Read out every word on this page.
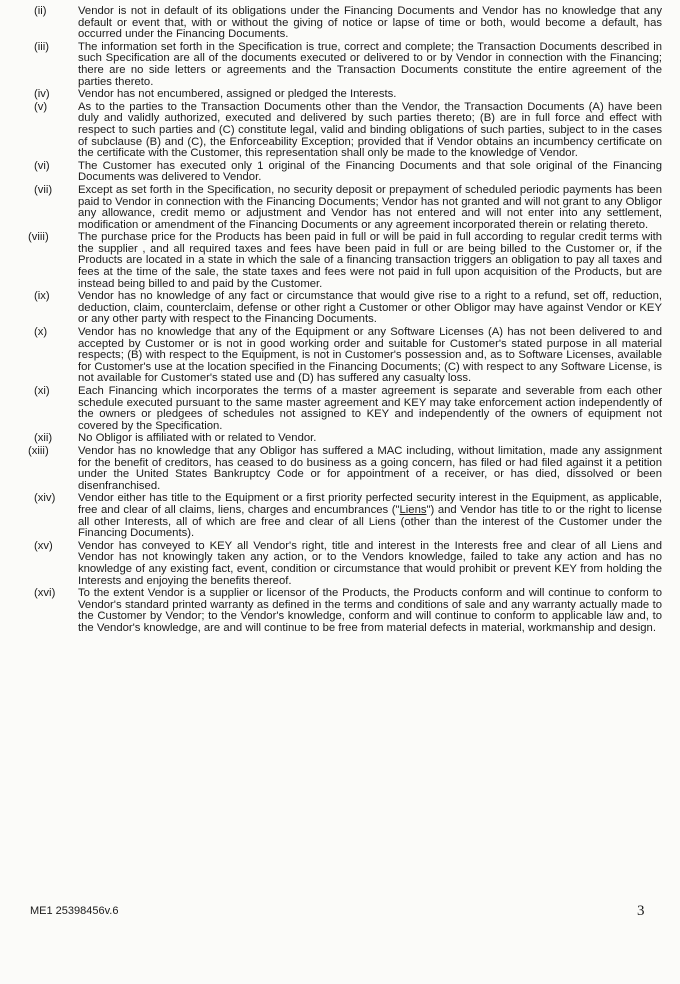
(ii)	Vendor is not in default of its obligations under the Financing Documents and Vendor has no knowledge that any default or event that, with or without the giving of notice or lapse of time or both, would become a default, has occurred under the Financing Documents.
(iii)	The information set forth in the Specification is true, correct and complete; the Transaction Documents described in such Specification are all of the documents executed or delivered to or by Vendor in connection with the Financing; there are no side letters or agreements and the Transaction Documents constitute the entire agreement of the parties thereto.
(iv)	Vendor has not encumbered, assigned or pledged the Interests.
(v)	As to the parties to the Transaction Documents other than the Vendor, the Transaction Documents (A) have been duly and validly authorized, executed and delivered by such parties thereto; (B) are in full force and effect with respect to such parties and (C) constitute legal, valid and binding obligations of such parties, subject to in the cases of subclause (B) and (C), the Enforceability Exception; provided that if Vendor obtains an incumbency certificate on the certificate with the Customer, this representation shall only be made to the knowledge of Vendor.
(vi)	The Customer has executed only 1 original of the Financing Documents and that sole original of the Financing Documents was delivered to Vendor.
(vii) Except as set forth in the Specification, no security deposit or prepayment of scheduled periodic payments has been paid to Vendor in connection with the Financing Documents; Vendor has not granted and will not grant to any Obligor any allowance, credit memo or adjustment and Vendor has not entered and will not enter into any settlement, modification or amendment of the Financing Documents or any agreement incorporated therein or relating thereto.
(viii)	The purchase price for the Products has been paid in full or will be paid in full according to regular credit terms with the supplier , and all required taxes and fees have been paid in full or are being billed to the Customer or, if the Products are located in a state in which the sale of a financing transaction triggers an obligation to pay all taxes and fees at the time of the sale, the state taxes and fees were not paid in full upon acquisition of the Products, but are instead being billed to and paid by the Customer.
(ix)	Vendor has no knowledge of any fact or circumstance that would give rise to a right to a refund, set off, reduction, deduction, claim, counterclaim, defense or other right a Customer or other Obligor may have against Vendor or KEY or any other party with respect to the Financing Documents.
(x)	Vendor has no knowledge that any of the Equipment or any Software Licenses (A) has not been delivered to and accepted by Customer or is not in good working order and suitable for Customer's stated purpose in all material respects; (B) with respect to the Equipment, is not in Customer's possession and, as to Software Licenses, available for Customer's use at the location specified in the Financing Documents; (C) with respect to any Software License, is not available for Customer's stated use and (D) has suffered any casualty loss.
(xi)	Each Financing which incorporates the terms of a master agreement is separate and severable from each other schedule executed pursuant to the same master agreement and KEY may take enforcement action independently of the owners or pledgees of schedules not assigned to KEY and independently of the owners of equipment not covered by the Specification.
(xii) No Obligor is affiliated with or related to Vendor.
(xiii)	Vendor has no knowledge that any Obligor has suffered a MAC including, without limitation, made any assignment for the benefit of creditors, has ceased to do business as a going concern, has filed or had filed against it a petition under the United States Bankruptcy Code or for appointment of a receiver, or has died, dissolved or been disenfranchised.
(xiv) Vendor either has title to the Equipment or a first priority perfected security interest in the Equipment, as applicable, free and clear of all claims, liens, charges and encumbrances ("Liens") and Vendor has title to or the right to license all other Interests, all of which are free and clear of all Liens (other than the interest of the Customer under the Financing Documents).
(xv) Vendor has conveyed to KEY all Vendor's right, title and interest in the Interests free and clear of all Liens and Vendor has not knowingly taken any action, or to the Vendors knowledge, failed to take any action and has no knowledge of any existing fact, event, condition or circumstance that would prohibit or prevent KEY from holding the Interests and enjoying the benefits thereof.
(xvi) To the extent Vendor is a supplier or licensor of the Products, the Products conform and will continue to conform to Vendor's standard printed warranty as defined in the terms and conditions of sale and any warranty actually made to the Customer by Vendor; to the Vendor's knowledge, conform and will continue to conform to applicable law and, to the Vendor's knowledge, are and will continue to be free from material defects in material, workmanship and design.
ME1 25398456v.6	3
